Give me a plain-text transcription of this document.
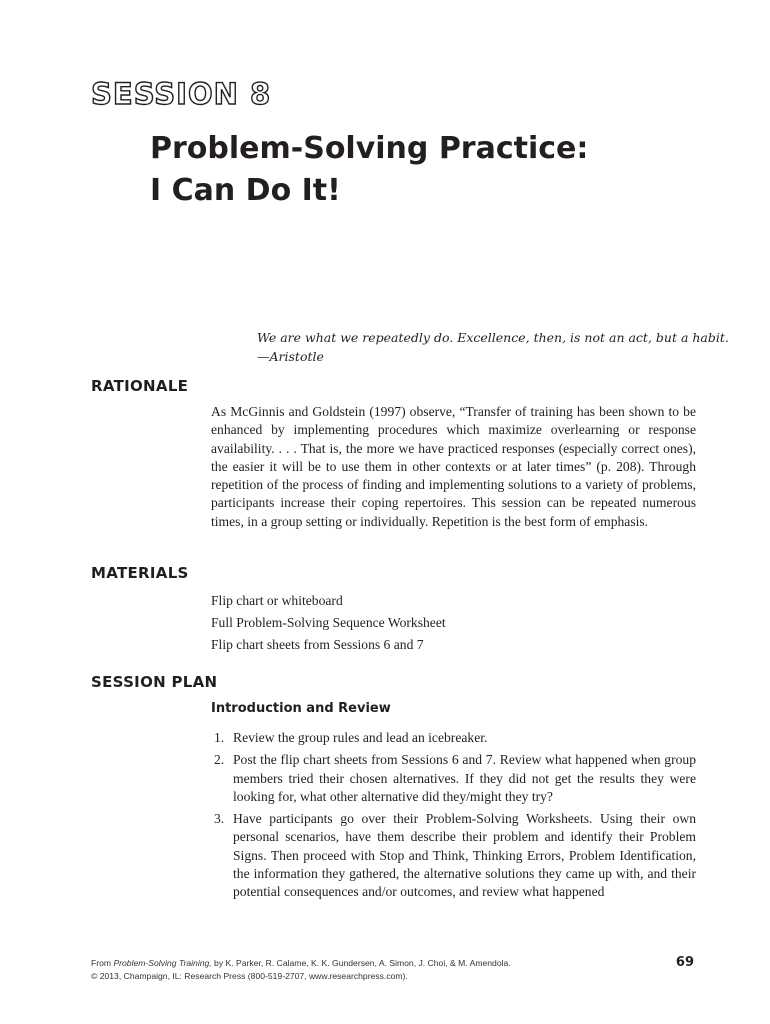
SESSION 8
Problem-Solving Practice:
I Can Do It!

We are what we repeatedly do. Excellence, then, is not an act, but a habit.
—Aristotle

RATIONALE

As McGinnis and Goldstein (1997) observe, “Transfer of training has been shown to be enhanced by implementing procedures which maximize overlearning or response availability. . . . That is, the more we have practiced responses (especially correct ones), the easier it will be to use them in other contexts or at later times” (p. 208). Through repetition of the process of finding and implementing solutions to a variety of problems, participants increase their coping repertoires. This session can be repeated numerous times, in a group setting or individually. Repetition is the best form of emphasis.

MATERIALS
Flip chart or whiteboard
Full Problem-Solving Sequence Worksheet
Flip chart sheets from Sessions 6 and 7
SESSION PLAN
Introduction and Review
1. Review the group rules and lead an icebreaker.
2. Post the flip chart sheets from Sessions 6 and 7. Review what happened when group members tried their chosen alternatives. If they did not get the results they were looking for, what other alternative did they/might they try?
3. Have participants go over their Problem-Solving Worksheets. Using their own personal scenarios, have them describe their problem and identify their Problem Signs. Then proceed with Stop and Think, Thinking Errors, Problem Identification, the information they gathered, the alternative solutions they came up with, and their potential consequences and/or outcomes, and review what happened

From Problem-Solving Training, by K. Parker, R. Calame, K. K. Gundersen, A. Simon, J. Choi, & M. Amendola.
© 2013, Champaign, IL: Research Press (800-519-2707, www.researchpress.com).

69
